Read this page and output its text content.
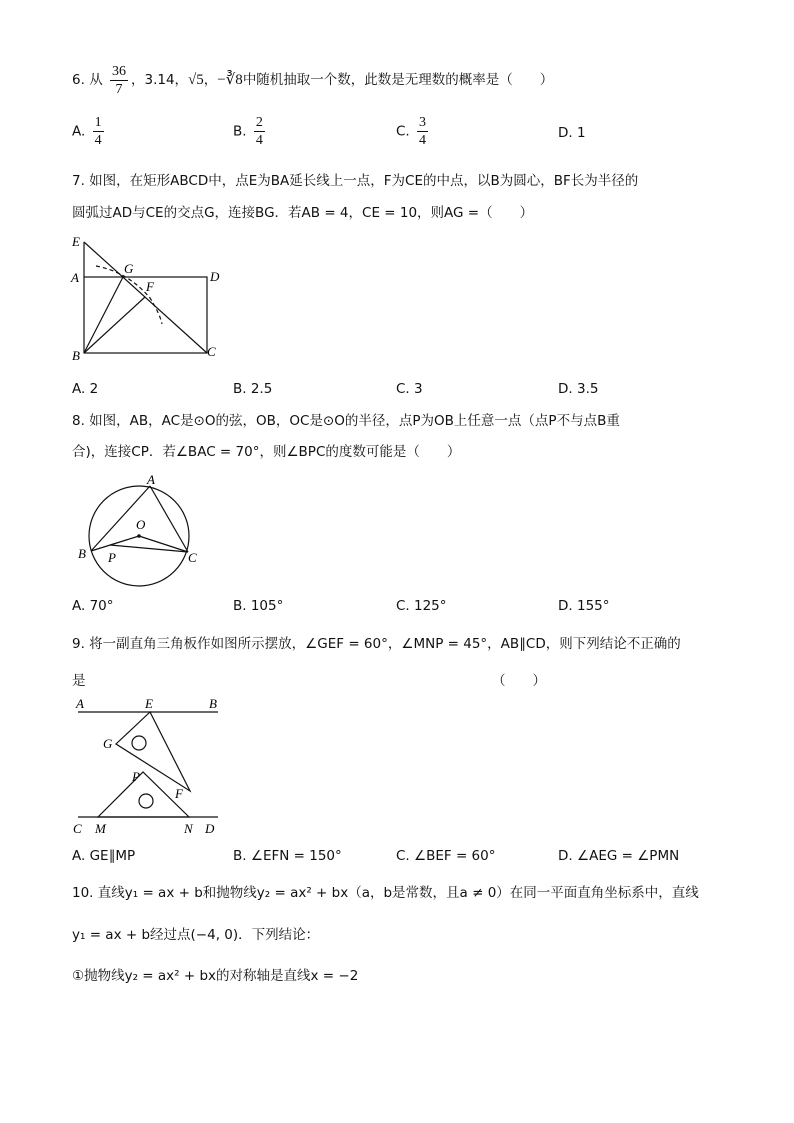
6. 从 $\frac{36}{7}$ ，3.14，√5，−∛8中随机抽取一个数，此数是无理数的概率是（　　）
A. $\frac{1}{4}$	B. $\frac{2}{4}$	C. $\frac{3}{4}$	D. 1
7. 如图，在矩形ABCD中，点E为BA延长线上一点，F为CE的中点，以B为圆心，BF长为半径的
圆弧过AD与CE的交点G，连接BG．若AB = 4，CE = 10，则AG =（　　）
E
A
G
F
D
B	C
A. 2	B. 2.5	C. 3	D. 3.5
8. 如图，AB，AC是⊙O的弦，OB，OC是⊙O的半径，点P为OB上任意一点（点P不与点B重
合)，连接CP．若∠BAC = 70°，则∠BPC的度数可能是（　　）
A
O
B P	C
A. 70°	B. 105°	C. 125°	D. 155°
9. 将一副直角三角板作如图所示摆放，∠GEF = 60°，∠MNP = 45°，AB∥CD，则下列结论不正确的
是	（　　）
A	E	B
G
P
F
C M	N D
A. GE∥MP	B. ∠EFN = 150°	C. ∠BEF = 60°	D. ∠AEG = ∠PMN
10. 直线y₁ = ax + b和抛物线y₂ = ax² + bx（a，b是常数，且a ≠ 0）在同一平面直角坐标系中，直线
y₁ = ax + b经过点(−4, 0)．下列结论：
①抛物线y₂ = ax² + bx的对称轴是直线x = −2
